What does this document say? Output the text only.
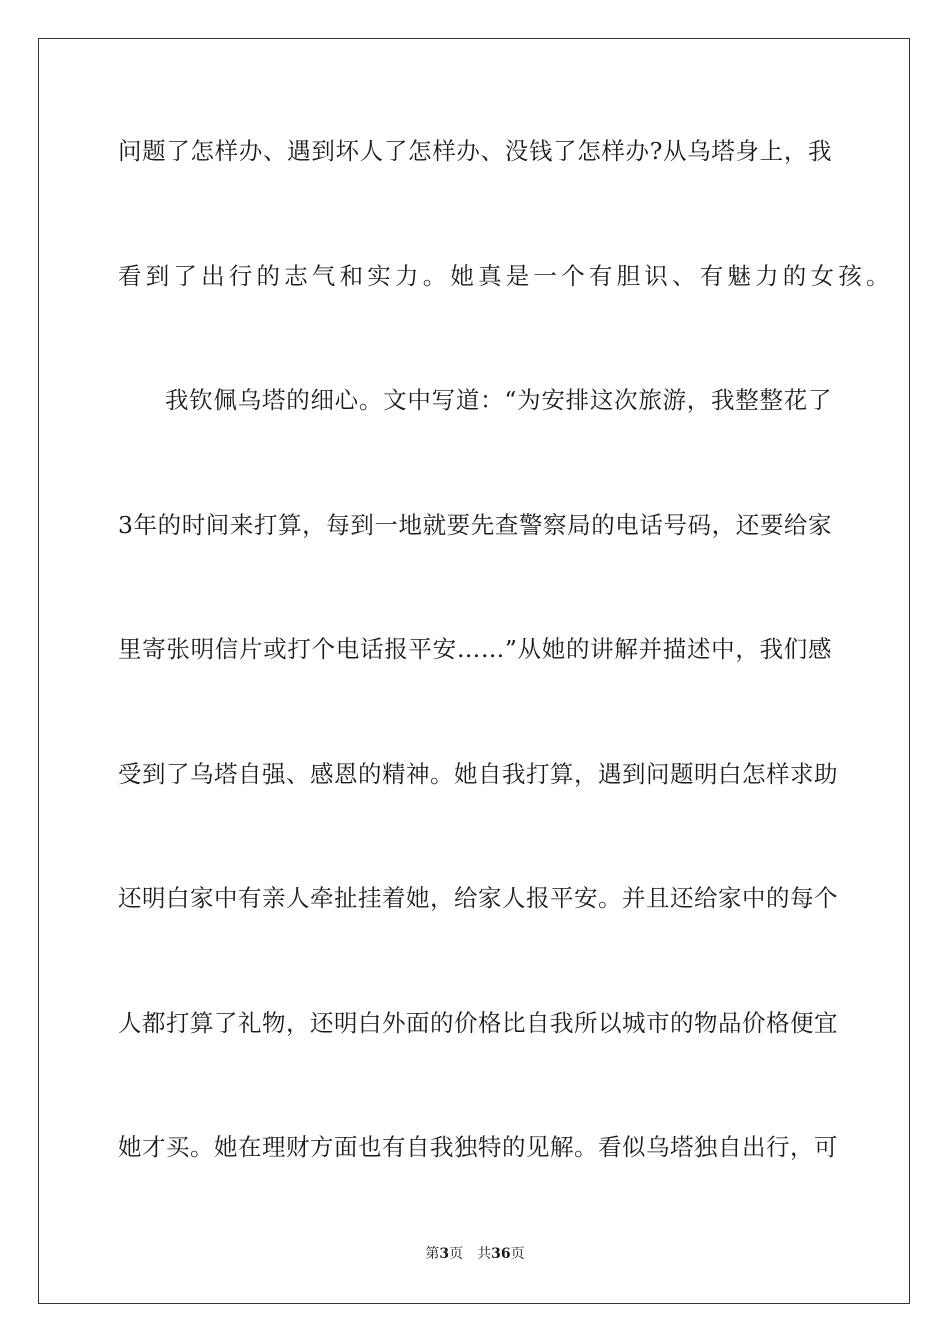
问题了怎样办、遇到坏人了怎样办、没钱了怎样办?从乌塔身上，我
看到了出行的志气和实力。她真是一个有胆识、有魅力的女孩。
我钦佩乌塔的细心。文中写道：“为安排这次旅游，我整整花了
3年的时间来打算，每到一地就要先查警察局的电话号码，还要给家
里寄张明信片或打个电话报平安……”从她的讲解并描述中，我们感
受到了乌塔自强、感恩的精神。她自我打算，遇到问题明白怎样求助
还明白家中有亲人牵扯挂着她，给家人报平安。并且还给家中的每个
人都打算了礼物，还明白外面的价格比自我所以城市的物品价格便宜
她才买。她在理财方面也有自我独特的见解。看似乌塔独自出行，可
第3页 共36页
